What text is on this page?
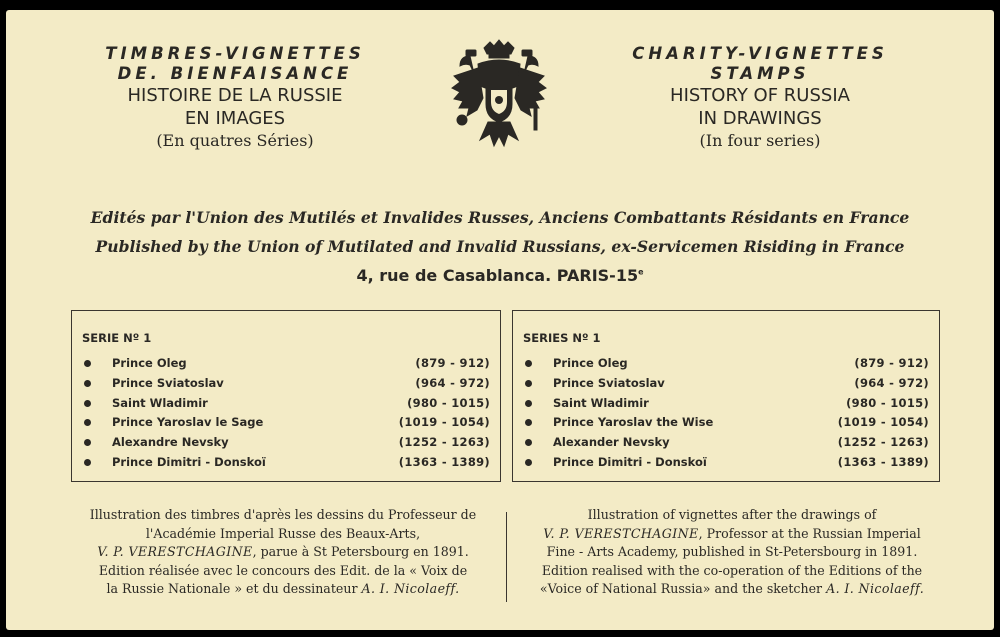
TIMBRES-VIGNETTES
DE. BIENFAISANCE
HISTOIRE DE LA RUSSIE
EN IMAGES
(En quatres Séries)
CHARITY-VIGNETTES
STAMPS
HISTORY OF RUSSIA
IN DRAWINGS
(In four series)
Edités par l'Union des Mutilés et Invalides Russes, Anciens Combattants Résidants en France
Published by the Union of Mutilated and Invalid Russians, ex-Servicemen Risiding in France
4, rue de Casablanca. PARIS-15e
SERIE Nº 1
Prince Oleg	(879 - 912)
Prince Sviatoslav	(964 - 972)
Saint Wladimir	(980 - 1015)
Prince Yaroslav le Sage	(1019 - 1054)
Alexandre Nevsky	(1252 - 1263)
Prince Dimitri - Donskoï	(1363 - 1389)
SERIES Nº 1
Prince Oleg	(879 - 912)
Prince Sviatoslav	(964 - 972)
Saint Wladimir	(980 - 1015)
Prince Yaroslav the Wise	(1019 - 1054)
Alexander Nevsky	(1252 - 1263)
Prince Dimitri - Donskoï	(1363 - 1389)
Illustration des timbres d'après les dessins du Professeur de
l'Académie Imperial Russe des Beaux-Arts,
V. P. VERESTCHAGINE, parue à St Petersbourg en 1891.
Edition réalisée avec le concours des Edit. de la « Voix de
la Russie Nationale » et du dessinateur A. I. Nicolaeff.
Illustration of vignettes after the drawings of
V. P. VERESTCHAGINE, Professor at the Russian Imperial
Fine - Arts Academy, published in St-Petersbourg in 1891.
Edition realised with the co-operation of the Editions of the
«Voice of National Russia» and the sketcher A. I. Nicolaeff.
